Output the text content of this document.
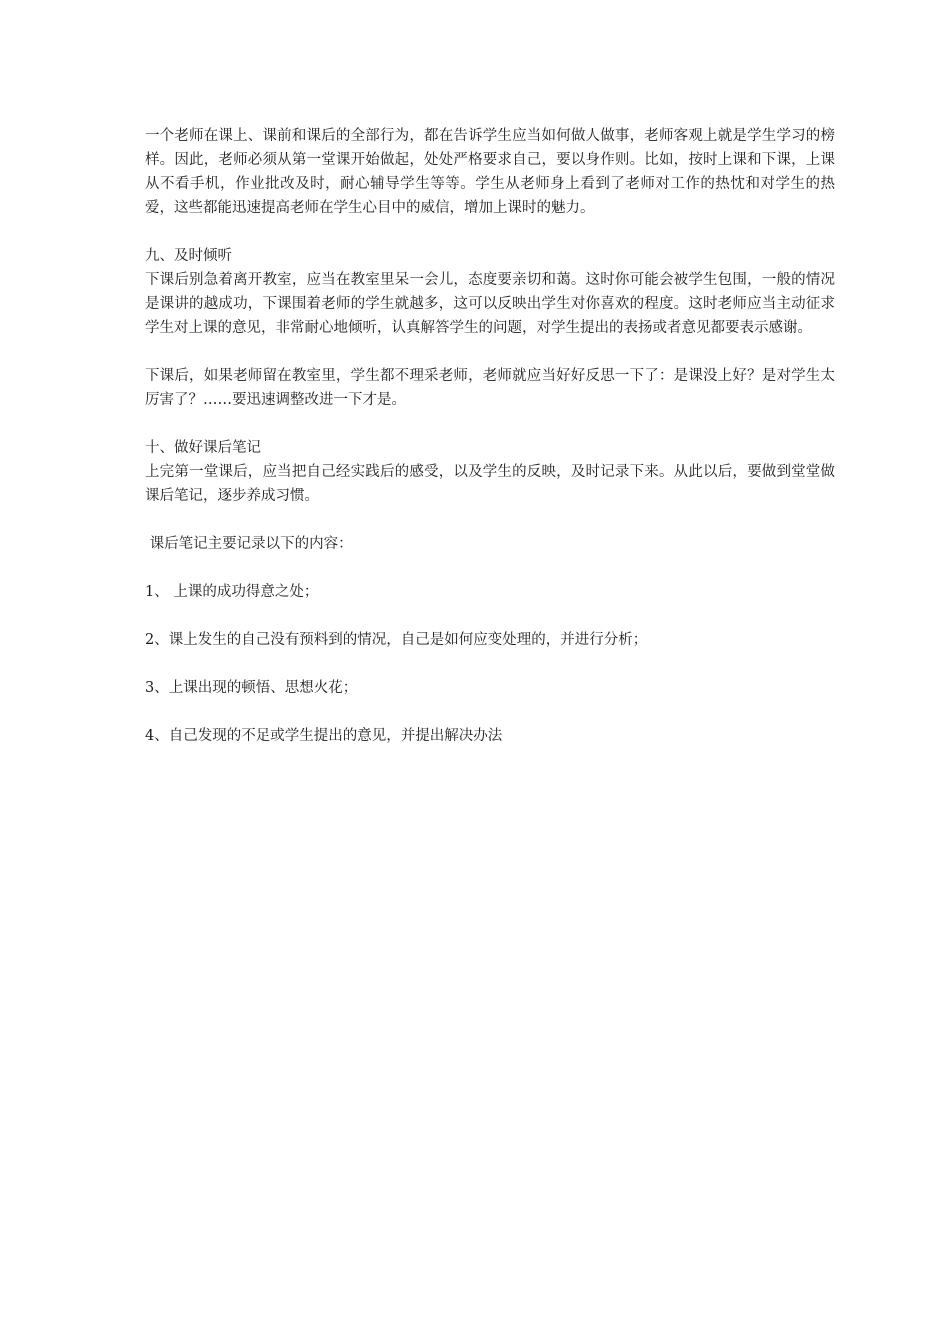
一个老师在课上、课前和课后的全部行为，都在告诉学生应当如何做人做事，老师客观上就是学生学习的榜样。因此，老师必须从第一堂课开始做起，处处严格要求自己，要以身作则。比如，按时上课和下课，上课从不看手机，作业批改及时，耐心辅导学生等等。学生从老师身上看到了老师对工作的热忱和对学生的热爱，这些都能迅速提高老师在学生心目中的威信，增加上课时的魅力。

九、及时倾听

下课后别急着离开教室，应当在教室里呆一会儿，态度要亲切和蔼。这时你可能会被学生包围，一般的情况是课讲的越成功，下课围着老师的学生就越多，这可以反映出学生对你喜欢的程度。这时老师应当主动征求学生对上课的意见，非常耐心地倾听，认真解答学生的问题，对学生提出的表扬或者意见都要表示感谢。

下课后，如果老师留在教室里，学生都不理采老师，老师就应当好好反思一下了：是课没上好？是对学生太厉害了？……要迅速调整改进一下才是。

十、做好课后笔记

上完第一堂课后，应当把自己经实践后的感受，以及学生的反映，及时记录下来。从此以后，要做到堂堂做课后笔记，逐步养成习惯。

课后笔记主要记录以下的内容：

1、 上课的成功得意之处；

2、课上发生的自己没有预料到的情况，自己是如何应变处理的，并进行分析；

3、上课出现的顿悟、思想火花；

4、自己发现的不足或学生提出的意见，并提出解决办法
